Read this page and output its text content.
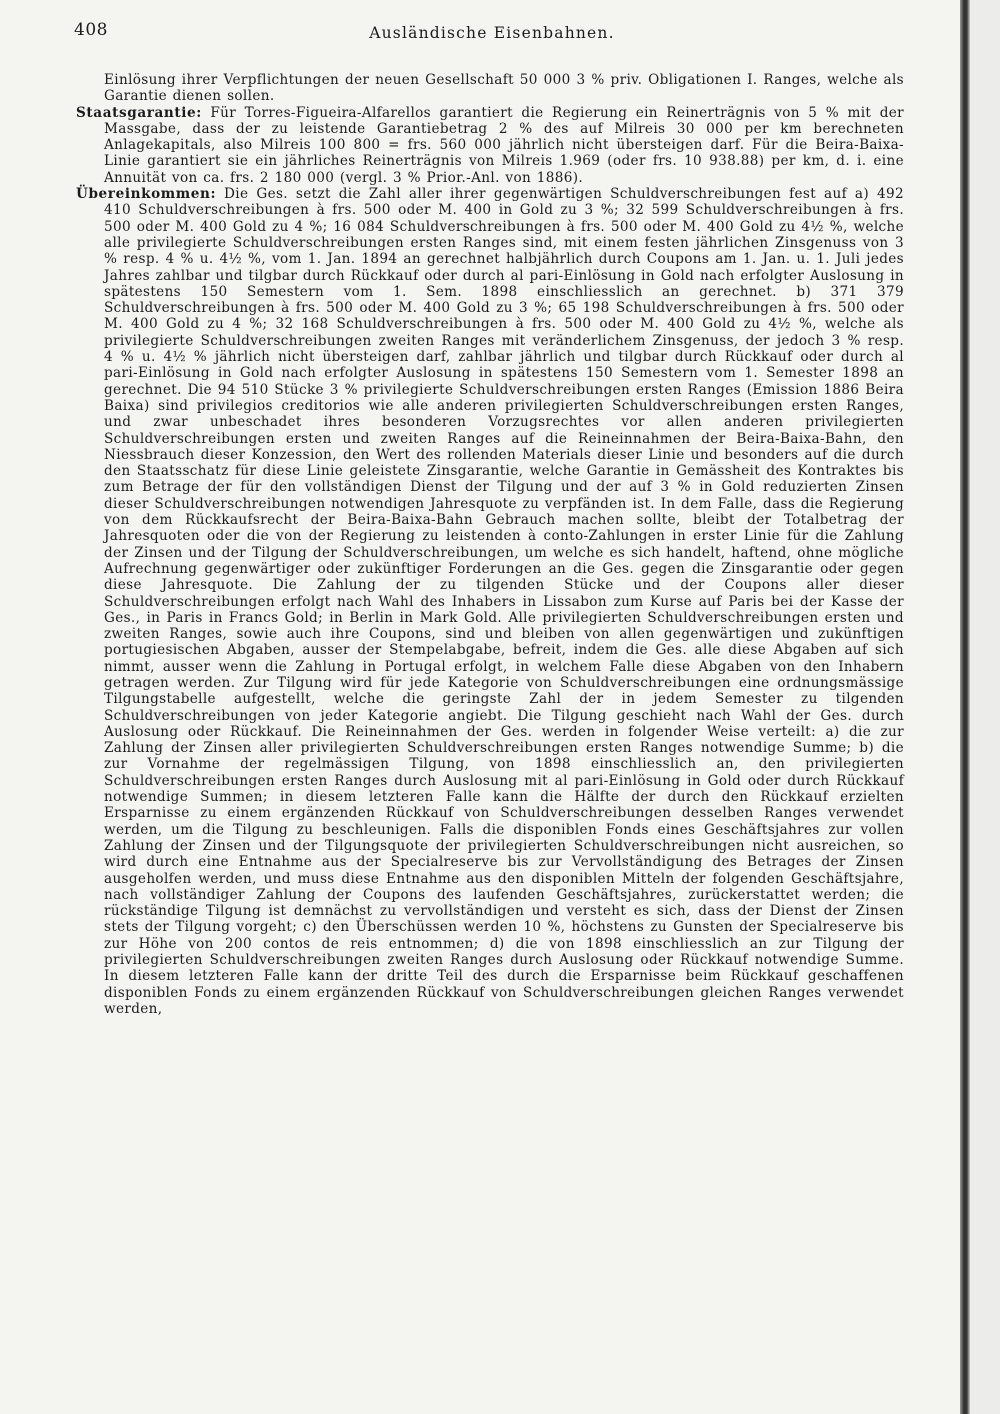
408	Ausländische Eisenbahnen.

Einlösung ihrer Verpflichtungen der neuen Gesellschaft 50 000 3 % priv. Obligationen I. Ranges, welche als Garantie dienen sollen.

Staatsgarantie: Für Torres-Figueira-Alfarellos garantiert die Regierung ein Reinerträgnis von 5 % mit der Massgabe, dass der zu leistende Garantiebetrag 2 % des auf Milreis 30 000 per km berechneten Anlagekapitals, also Milreis 100 800 = frs. 560 000 jährlich nicht übersteigen darf. Für die Beira-Baixa-Linie garantiert sie ein jährliches Reinerträgnis von Milreis 1.969 (oder frs. 10 938.88) per km, d. i. eine Annuität von ca. frs. 2 180 000 (vergl. 3 % Prior.-Anl. von 1886).

Übereinkommen: Die Ges. setzt die Zahl aller ihrer gegenwärtigen Schuldverschreibungen fest auf a) 492 410 Schuldverschreibungen à frs. 500 oder M. 400 in Gold zu 3 %; 32 599 Schuldverschreibungen à frs. 500 oder M. 400 Gold zu 4 %; 16 084 Schuldverschreibungen à frs. 500 oder M. 400 Gold zu 4½ %, welche alle privilegierte Schuldverschreibungen ersten Ranges sind, mit einem festen jährlichen Zinsgenuss von 3 % resp. 4 % u. 4½ %, vom 1. Jan. 1894 an gerechnet halbjährlich durch Coupons am 1. Jan. u. 1. Juli jedes Jahres zahlbar und tilgbar durch Rückkauf oder durch al pari-Einlösung in Gold nach erfolgter Auslosung in spätestens 150 Semestern vom 1. Sem. 1898 einschliesslich an gerechnet. b) 371 379 Schuldverschreibungen à frs. 500 oder M. 400 Gold zu 3 %; 65 198 Schuldverschreibungen à frs. 500 oder M. 400 Gold zu 4 %; 32 168 Schuldverschreibungen à frs. 500 oder M. 400 Gold zu 4½ %, welche als privilegierte Schuldverschreibungen zweiten Ranges mit veränderlichem Zinsgenuss, der jedoch 3 % resp. 4 % u. 4½ % jährlich nicht übersteigen darf, zahlbar jährlich und tilgbar durch Rückkauf oder durch al pari-Einlösung in Gold nach erfolgter Auslosung in spätestens 150 Semestern vom 1. Semester 1898 an gerechnet. Die 94 510 Stücke 3 % privilegierte Schuldverschreibungen ersten Ranges (Emission 1886 Beira Baixa) sind privilegios creditorios wie alle anderen privilegierten Schuldverschreibungen ersten Ranges, und zwar unbeschadet ihres besonderen Vorzugsrechtes vor allen anderen privilegierten Schuldverschreibungen ersten und zweiten Ranges auf die Reineinnahmen der Beira-Baixa-Bahn, den Niessbrauch dieser Konzession, den Wert des rollenden Materials dieser Linie und besonders auf die durch den Staatsschatz für diese Linie geleistete Zinsgarantie, welche Garantie in Gemässheit des Kontraktes bis zum Betrage der für den vollständigen Dienst der Tilgung und der auf 3 % in Gold reduzierten Zinsen dieser Schuldverschreibungen notwendigen Jahresquote zu verpfänden ist. In dem Falle, dass die Regierung von dem Rückkaufsrecht der Beira-Baixa-Bahn Gebrauch machen sollte, bleibt der Totalbetrag der Jahresquoten oder die von der Regierung zu leistenden à conto-Zahlungen in erster Linie für die Zahlung der Zinsen und der Tilgung der Schuldverschreibungen, um welche es sich handelt, haftend, ohne mögliche Aufrechnung gegenwärtiger oder zukünftiger Forderungen an die Ges. gegen die Zinsgarantie oder gegen diese Jahresquote. Die Zahlung der zu tilgenden Stücke und der Coupons aller dieser Schuldverschreibungen erfolgt nach Wahl des Inhabers in Lissabon zum Kurse auf Paris bei der Kasse der Ges., in Paris in Francs Gold; in Berlin in Mark Gold. Alle privilegierten Schuldverschreibungen ersten und zweiten Ranges, sowie auch ihre Coupons, sind und bleiben von allen gegenwärtigen und zukünftigen portugiesischen Abgaben, ausser der Stempelabgabe, befreit, indem die Ges. alle diese Abgaben auf sich nimmt, ausser wenn die Zahlung in Portugal erfolgt, in welchem Falle diese Abgaben von den Inhabern getragen werden. Zur Tilgung wird für jede Kategorie von Schuldverschreibungen eine ordnungsmässige Tilgungstabelle aufgestellt, welche die geringste Zahl der in jedem Semester zu tilgenden Schuldverschreibungen von jeder Kategorie angiebt. Die Tilgung geschieht nach Wahl der Ges. durch Auslosung oder Rückkauf. Die Reineinnahmen der Ges. werden in folgender Weise verteilt: a) die zur Zahlung der Zinsen aller privilegierten Schuldverschreibungen ersten Ranges notwendige Summe; b) die zur Vornahme der regelmässigen Tilgung, von 1898 einschliesslich an, den privilegierten Schuldverschreibungen ersten Ranges durch Auslosung mit al pari-Einlösung in Gold oder durch Rückkauf notwendige Summen; in diesem letzteren Falle kann die Hälfte der durch den Rückkauf erzielten Ersparnisse zu einem ergänzenden Rückkauf von Schuldverschreibungen desselben Ranges verwendet werden, um die Tilgung zu beschleunigen. Falls die disponiblen Fonds eines Geschäftsjahres zur vollen Zahlung der Zinsen und der Tilgungsquote der privilegierten Schuldverschreibungen nicht ausreichen, so wird durch eine Entnahme aus der Specialreserve bis zur Vervollständigung des Betrages der Zinsen ausgeholfen werden, und muss diese Entnahme aus den disponiblen Mitteln der folgenden Geschäftsjahre, nach vollständiger Zahlung der Coupons des laufenden Geschäftsjahres, zurückerstattet werden; die rückständige Tilgung ist demnächst zu vervollständigen und versteht es sich, dass der Dienst der Zinsen stets der Tilgung vorgeht; c) den Überschüssen werden 10 %, höchstens zu Gunsten der Specialreserve bis zur Höhe von 200 contos de reis entnommen; d) die von 1898 einschliesslich an zur Tilgung der privilegierten Schuldverschreibungen zweiten Ranges durch Auslosung oder Rückkauf notwendige Summe. In diesem letzteren Falle kann der dritte Teil des durch die Ersparnisse beim Rückkauf geschaffenen disponiblen Fonds zu einem ergänzenden Rückkauf von Schuldverschreibungen gleichen Ranges verwendet werden,
